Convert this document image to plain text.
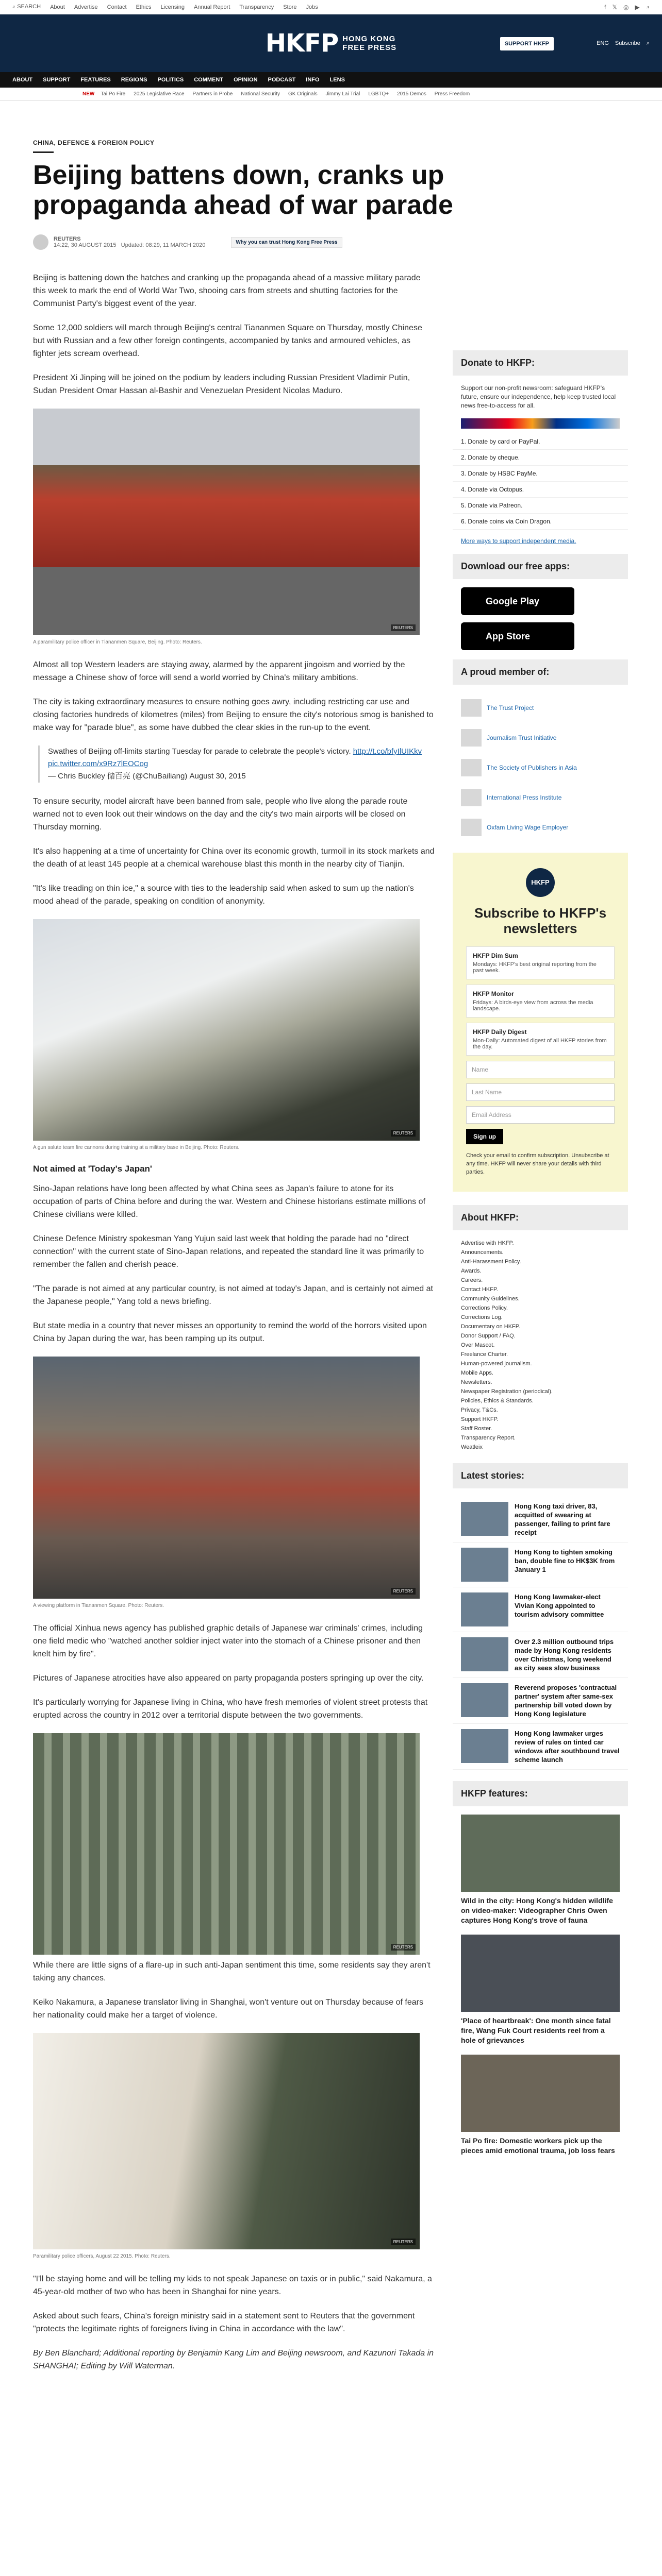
⌕ SEARCH About Advertise Contact Ethics Licensing Annual Report Transparency Store Jobs	f 𝕏 ◎ ▶ ◔
HKFP HONG KONG
FREE PRESS	SUPPORT HKFP	ENG Subscribe ⌕
ABOUT SUPPORT FEATURES REGIONS POLITICS COMMENT OPINION PODCAST INFO LENS
NEW Tai Po Fire 2025 Legislative Race Partners in Probe National Security GK Originals Jimmy Lai Trial LGBTQ+ 2015 Demos Press Freedom
CHINA, DEFENCE & FOREIGN POLICY
Beijing battens down, cranks up propaganda ahead of war parade
REUTERS
14:22, 30 AUGUST 2015 Updated: 08:29, 11 MARCH 2020	Why you can trust Hong Kong Free Press

Beijing is battening down the hatches and cranking up the propaganda ahead of a massive military parade this week to mark the end of World War Two, shooing cars from streets and shutting factories for the Communist Party's biggest event of the year.

Some 12,000 soldiers will march through Beijing's central Tiananmen Square on Thursday, mostly Chinese but with Russian and a few other foreign contingents, accompanied by tanks and armoured vehicles, as fighter jets scream overhead.

President Xi Jinping will be joined on the podium by leaders including Russian President Vladimir Putin, Sudan President Omar Hassan al-Bashir and Venezuelan President Nicolas Maduro.

REUTERS
A paramilitary police officer in Tiananmen Square, Beijing. Photo: Reuters.

Almost all top Western leaders are staying away, alarmed by the apparent jingoism and worried by the message a Chinese show of force will send a world worried by China's military ambitions.

The city is taking extraordinary measures to ensure nothing goes awry, including restricting car use and closing factories hundreds of kilometres (miles) from Beijing to ensure the city's notorious smog is banished to make way for "parade blue", as some have dubbed the clear skies in the run-up to the event.

Swathes of Beijing off-limits starting Tuesday for parade to celebrate the people's victory. http://t.co/bfyIlUIKkv pic.twitter.com/x9Rz7lEOCog
— Chris Buckley 储百亮 (@ChuBailiang) August 30, 2015

To ensure security, model aircraft have been banned from sale, people who live along the parade route warned not to even look out their windows on the day and the city's two main airports will be closed on Thursday morning.

It's also happening at a time of uncertainty for China over its economic growth, turmoil in its stock markets and the death of at least 145 people at a chemical warehouse blast this month in the nearby city of Tianjin.

"It's like treading on thin ice," a source with ties to the leadership said when asked to sum up the nation's mood ahead of the parade, speaking on condition of anonymity.

REUTERS
A gun salute team fire cannons during training at a military base in Beijing. Photo: Reuters.
Not aimed at 'Today's Japan'

Sino-Japan relations have long been affected by what China sees as Japan's failure to atone for its occupation of parts of China before and during the war. Western and Chinese historians estimate millions of Chinese civilians were killed.

Chinese Defence Ministry spokesman Yang Yujun said last week that holding the parade had no "direct connection" with the current state of Sino-Japan relations, and repeated the standard line it was primarily to remember the fallen and cherish peace.

"The parade is not aimed at any particular country, is not aimed at today's Japan, and is certainly not aimed at the Japanese people," Yang told a news briefing.

But state media in a country that never misses an opportunity to remind the world of the horrors visited upon China by Japan during the war, has been ramping up its output.

REUTERS
A viewing platform in Tiananmen Square. Photo: Reuters.

The official Xinhua news agency has published graphic details of Japanese war criminals' crimes, including one field medic who "watched another soldier inject water into the stomach of a Chinese prisoner and then knelt him by fire".

Pictures of Japanese atrocities have also appeared on party propaganda posters springing up over the city.

It's particularly worrying for Japanese living in China, who have fresh memories of violent street protests that erupted across the country in 2012 over a territorial dispute between the two governments.

REUTERS

While there are little signs of a flare-up in such anti-Japan sentiment this time, some residents say they aren't taking any chances.

Keiko Nakamura, a Japanese translator living in Shanghai, won't venture out on Thursday because of fears her nationality could make her a target of violence.

REUTERS
Paramilitary police officers, August 22 2015. Photo: Reuters.

"I'll be staying home and will be telling my kids to not speak Japanese on taxis or in public," said Nakamura, a 45-year-old mother of two who has been in Shanghai for nine years.

Asked about such fears, China's foreign ministry said in a statement sent to Reuters that the government "protects the legitimate rights of foreigners living in China in accordance with the law".

By Ben Blanchard; Additional reporting by Benjamin Kang Lim and Beijing newsroom, and Kazunori Takada in SHANGHAI; Editing by Will Waterman.

Donate to HKFP:
Support our non-profit newsroom: safeguard HKFP's future, ensure our independence, help keep trusted local news free-to-access for all.
1. Donate by card or PayPal.
2. Donate by cheque.
3. Donate by HSBC PayMe.
4. Donate via Octopus.
5. Donate via Patreon.
6. Donate coins via Coin Dragon.
More ways to support independent media.
Download our free apps:
Google Play
App Store
A proud member of:
The Trust Project
Journalism Trust Initiative
The Society of Publishers in Asia
International Press Institute
Oxfam Living Wage Employer
HKFP
Subscribe to HKFP's newsletters
HKFP Dim Sum
Mondays: HKFP's best original reporting from the past week.
HKFP Monitor
Fridays: A birds-eye view from across the media landscape.
HKFP Daily Digest
Mon-Daily: Automated digest of all HKFP stories from the day.
Name
Last Name
Email Address
Sign up
Check your email to confirm subscription. Unsubscribe at any time. HKFP will never share your details with third parties.
About HKFP:
Advertise with HKFP.
Announcements.
Anti-Harassment Policy.
Awards.
Careers.
Contact HKFP.
Community Guidelines.
Corrections Policy.
Corrections Log.
Documentary on HKFP.
Donor Support / FAQ.
Over Mascot.
Freelance Charter.
Human-powered journalism.
Mobile Apps.
Newsletters.
Newspaper Registration (periodical).
Policies, Ethics & Standards.
Privacy, T&Cs.
Support HKFP.
Staff Roster.
Transparency Report.
Weatleix
Latest stories:
Hong Kong taxi driver, 83, acquitted of swearing at passenger, failing to print fare receipt
Hong Kong to tighten smoking ban, double fine to HK$3K from January 1
Hong Kong lawmaker-elect Vivian Kong appointed to tourism advisory committee
Over 2.3 million outbound trips made by Hong Kong residents over Christmas, long weekend as city sees slow business
Reverend proposes 'contractual partner' system after same-sex partnership bill voted down by Hong Kong legislature
Hong Kong lawmaker urges review of rules on tinted car windows after southbound travel scheme launch
HKFP features:
Wild in the city: Hong Kong's hidden wildlife on video-maker: Videographer Chris Owen captures Hong Kong's trove of fauna
'Place of heartbreak': One month since fatal fire, Wang Fuk Court residents reel from a hole of grievances
Tai Po fire: Domestic workers pick up the pieces amid emotional trauma, job loss fears
